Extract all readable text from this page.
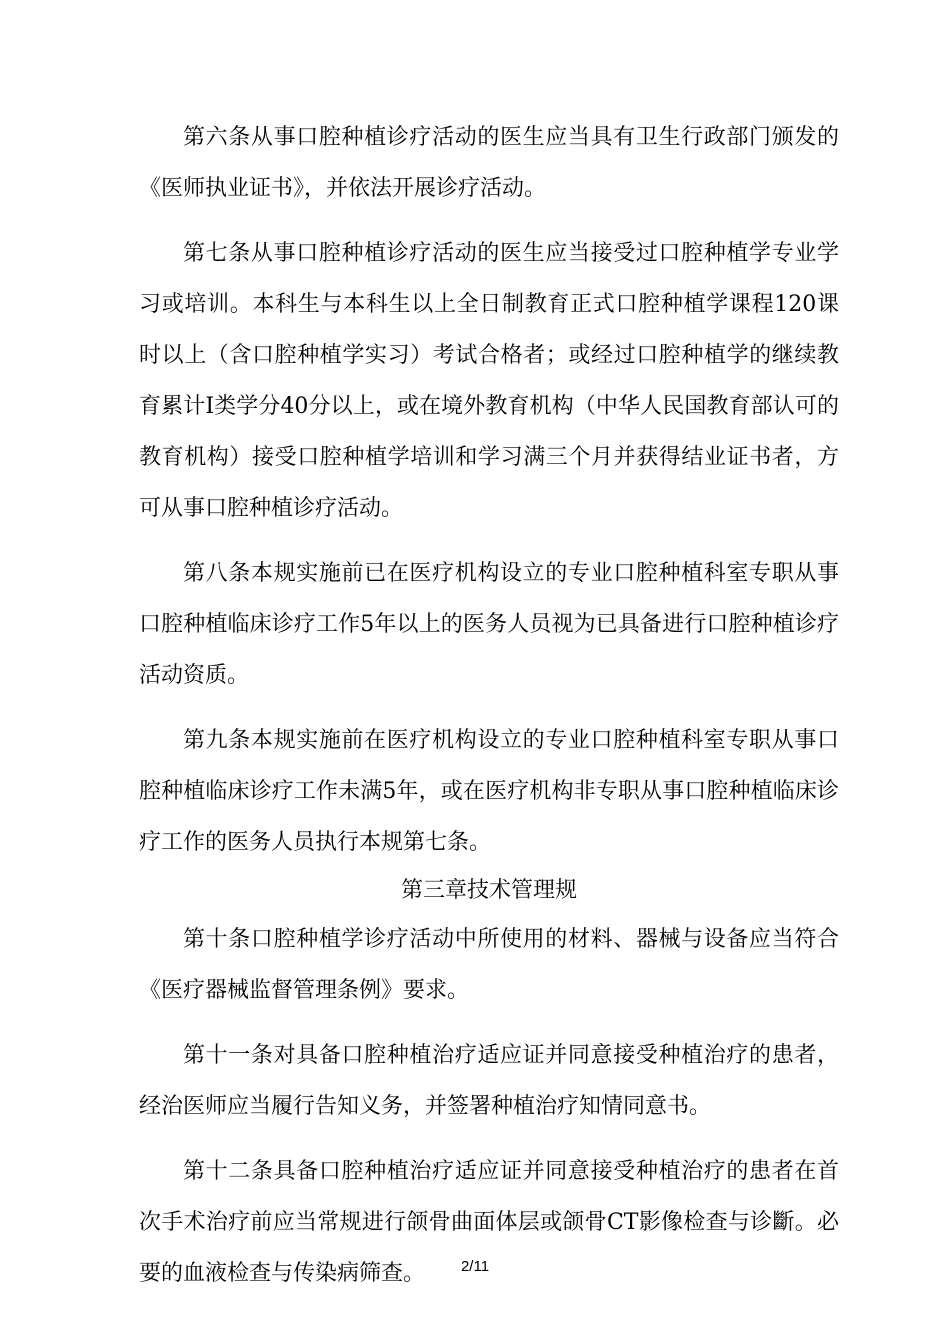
第六条从事口腔种植诊疗活动的医生应当具有卫生行政部门颁发的《医师执业证书》，并依法开展诊疗活动。

第七条从事口腔种植诊疗活动的医生应当接受过口腔种植学专业学习或培训。本科生与本科生以上全日制教育正式口腔种植学课程120课时以上（含口腔种植学实习）考试合格者；或经过口腔种植学的继续教育累计I类学分40分以上，或在境外教育机构（中华人民国教育部认可的教育机构）接受口腔种植学培训和学习满三个月并获得结业证书者，方可从事口腔种植诊疗活动。

第八条本规实施前已在医疗机构设立的专业口腔种植科室专职从事口腔种植临床诊疗工作5年以上的医务人员视为已具备进行口腔种植诊疗活动资质。

第九条本规实施前在医疗机构设立的专业口腔种植科室专职从事口腔种植临床诊疗工作未满5年，或在医疗机构非专职从事口腔种植临床诊疗工作的医务人员执行本规第七条。

第三章技术管理规

第十条口腔种植学诊疗活动中所使用的材料、器械与设备应当符合《医疗器械监督管理条例》要求。

第十一条对具备口腔种植治疗适应证并同意接受种植治疗的患者，经治医师应当履行告知义务，并签署种植治疗知情同意书。

第十二条具备口腔种植治疗适应证并同意接受种植治疗的患者在首次手术治疗前应当常规进行颌骨曲面体层或颌骨CT影像检查与诊斷。必要的血液检查与传染病筛查。	2/11
